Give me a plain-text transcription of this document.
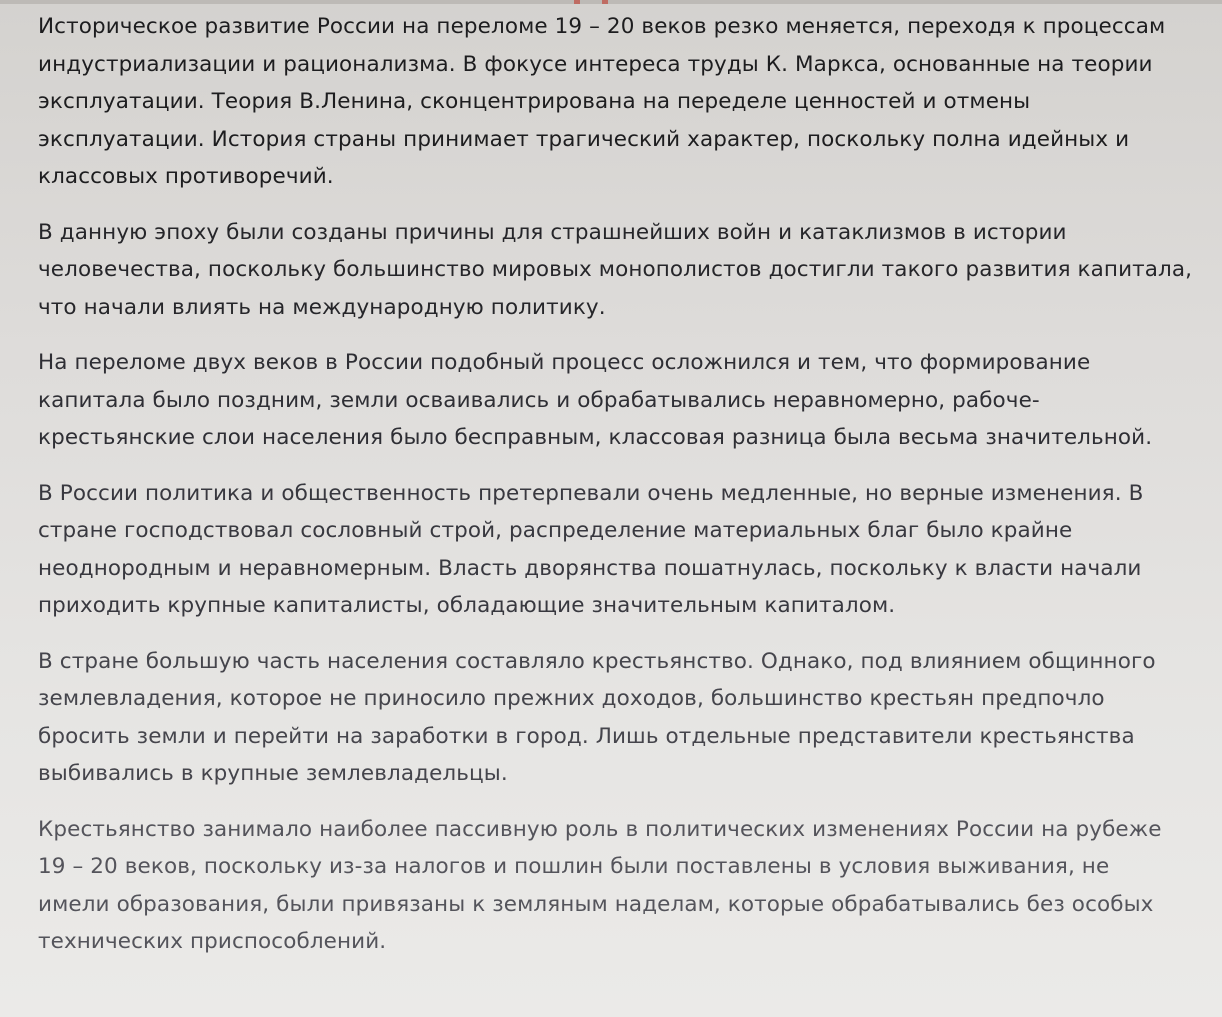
Историческое развитие России на переломе 19 – 20 веков резко меняется, переходя к процессам
индустриализации и рационализма. В фокусе интереса труды К. Маркса, основанные на теории
эксплуатации. Теория В.Ленина, сконцентрирована на переделе ценностей и отмены
эксплуатации. История страны принимает трагический характер, поскольку полна идейных и
классовых противоречий.

В данную эпоху были созданы причины для страшнейших войн и катаклизмов в истории
человечества, поскольку большинство мировых монополистов достигли такого развития капитала,
что начали влиять на международную политику.

На переломе двух веков в России подобный процесс осложнился и тем, что формирование
капитала было поздним, земли осваивались и обрабатывались неравномерно, рабоче-
крестьянские слои населения было бесправным, классовая разница была весьма значительной.

В России политика и общественность претерпевали очень медленные, но верные изменения. В
стране господствовал сословный строй, распределение материальных благ было крайне
неоднородным и неравномерным. Власть дворянства пошатнулась, поскольку к власти начали
приходить крупные капиталисты, обладающие значительным капиталом.

В стране большую часть населения составляло крестьянство. Однако, под влиянием общинного
землевладения, которое не приносило прежних доходов, большинство крестьян предпочло
бросить земли и перейти на заработки в город. Лишь отдельные представители крестьянства
выбивались в крупные землевладельцы.

Крестьянство занимало наиболее пассивную роль в политических изменениях России на рубеже
19 – 20 веков, поскольку из-за налогов и пошлин были поставлены в условия выживания, не
имели образования, были привязаны к земляным наделам, которые обрабатывались без особых
технических приспособлений.
